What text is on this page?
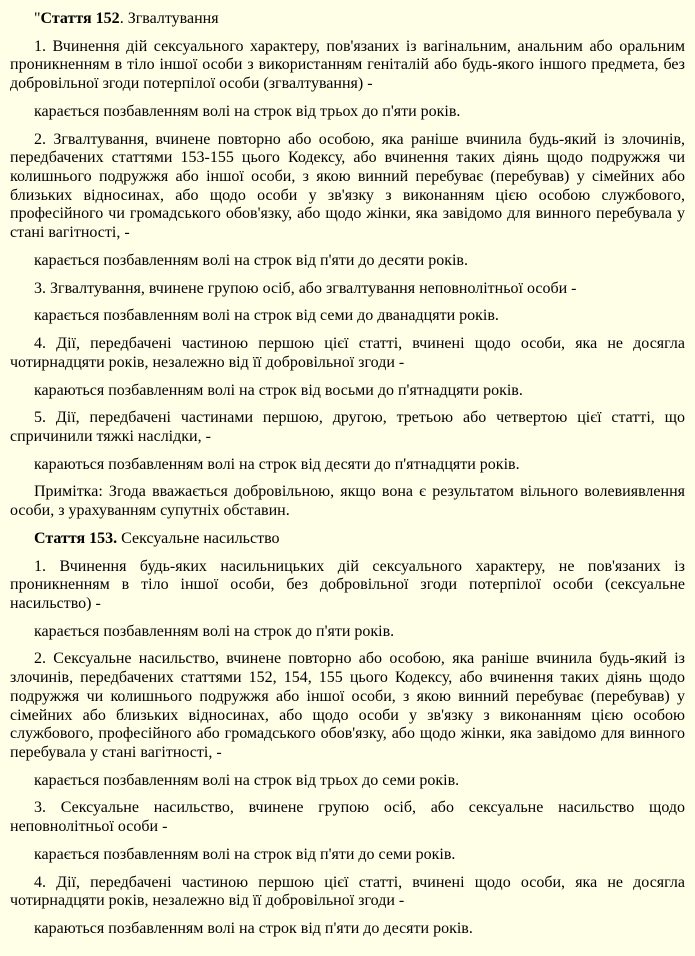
"Стаття 152. Згвалтування

1. Вчинення дій сексуального характеру, пов'язаних із вагінальним, анальним або оральним проникненням в тіло іншої особи з використанням геніталій або будь-якого іншого предмета, без добровільної згоди потерпілої особи (згвалтування) -

карається позбавленням волі на строк від трьох до п'яти років.

2. Згвалтування, вчинене повторно або особою, яка раніше вчинила будь-який із злочинів, передбачених статтями 153-155 цього Кодексу, або вчинення таких діянь щодо подружжя чи колишнього подружжя або іншої особи, з якою винний перебуває (перебував) у сімейних або близьких відносинах, або щодо особи у зв'язку з виконанням цією особою службового, професійного чи громадського обов'язку, або щодо жінки, яка завідомо для винного перебувала у стані вагітності, -

карається позбавленням волі на строк від п'яти до десяти років.

3. Згвалтування, вчинене групою осіб, або згвалтування неповнолітньої особи -

карається позбавленням волі на строк від семи до дванадцяти років.

4. Дії, передбачені частиною першою цієї статті, вчинені щодо особи, яка не досягла чотирнадцяти років, незалежно від її добровільної згоди -

караються позбавленням волі на строк від восьми до п'ятнадцяти років.

5. Дії, передбачені частинами першою, другою, третьою або четвертою цієї статті, що спричинили тяжкі наслідки, -

караються позбавленням волі на строк від десяти до п'ятнадцяти років.

Примітка: Згода вважається добровільною, якщо вона є результатом вільного волевиявлення особи, з урахуванням супутніх обставин.

Стаття 153. Сексуальне насильство

1. Вчинення будь-яких насильницьких дій сексуального характеру, не пов'язаних із проникненням в тіло іншої особи, без добровільної згоди потерпілої особи (сексуальне насильство) -

карається позбавленням волі на строк до п'яти років.

2. Сексуальне насильство, вчинене повторно або особою, яка раніше вчинила будь-який із злочинів, передбачених статтями 152, 154, 155 цього Кодексу, або вчинення таких діянь щодо подружжя чи колишнього подружжя або іншої особи, з якою винний перебуває (перебував) у сімейних або близьких відносинах, або щодо особи у зв'язку з виконанням цією особою службового, професійного або громадського обов'язку, або щодо жінки, яка завідомо для винного перебувала у стані вагітності, -

карається позбавленням волі на строк від трьох до семи років.

3. Сексуальне насильство, вчинене групою осіб, або сексуальне насильство щодо неповнолітньої особи -

карається позбавленням волі на строк від п'яти до семи років.

4. Дії, передбачені частиною першою цієї статті, вчинені щодо особи, яка не досягла чотирнадцяти років, незалежно від її добровільної згоди -

караються позбавленням волі на строк від п'яти до десяти років.
